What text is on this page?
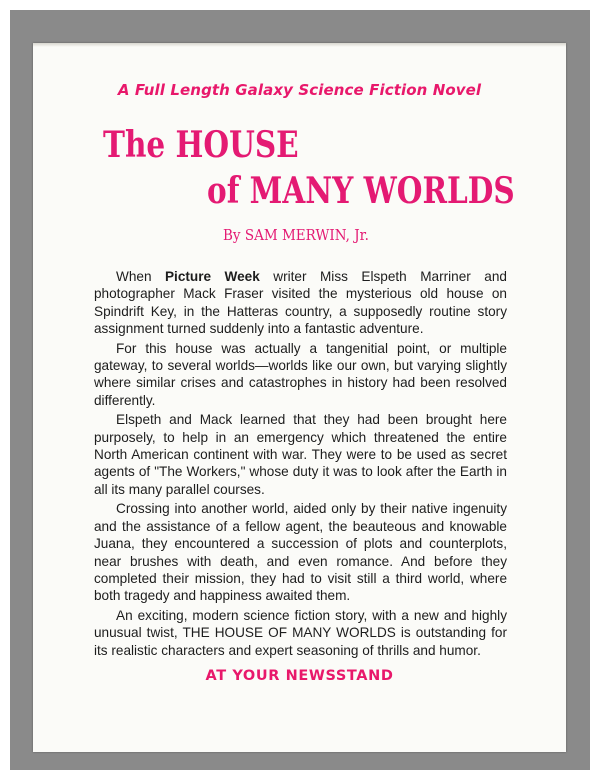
A Full Length Galaxy Science Fiction Novel
The HOUSE
of MANY WORLDS
By SAM MERWIN, Jr.

When Picture Week writer Miss Elspeth Marriner and photographer Mack Fraser visited the mysterious old house on Spindrift Key, in the Hatteras country, a supposedly routine story assignment turned suddenly into a fantastic adventure.

For this house was actually a tangenitial point, or multiple gateway, to several worlds—worlds like our own, but varying slightly where similar crises and catastrophes in history had been resolved differently.

Elspeth and Mack learned that they had been brought here purposely, to help in an emergency which threatened the entire North American continent with war. They were to be used as secret agents of "The Workers," whose duty it was to look after the Earth in all its many parallel courses.

Crossing into another world, aided only by their native ingenuity and the assistance of a fellow agent, the beauteous and knowable Juana, they encountered a succession of plots and counterplots, near brushes with death, and even romance. And before they completed their mission, they had to visit still a third world, where both tragedy and happiness awaited them.

An exciting, modern science fiction story, with a new and highly unusual twist, THE HOUSE OF MANY WORLDS is outstanding for its realistic characters and expert seasoning of thrills and humor.

AT YOUR NEWSSTAND
